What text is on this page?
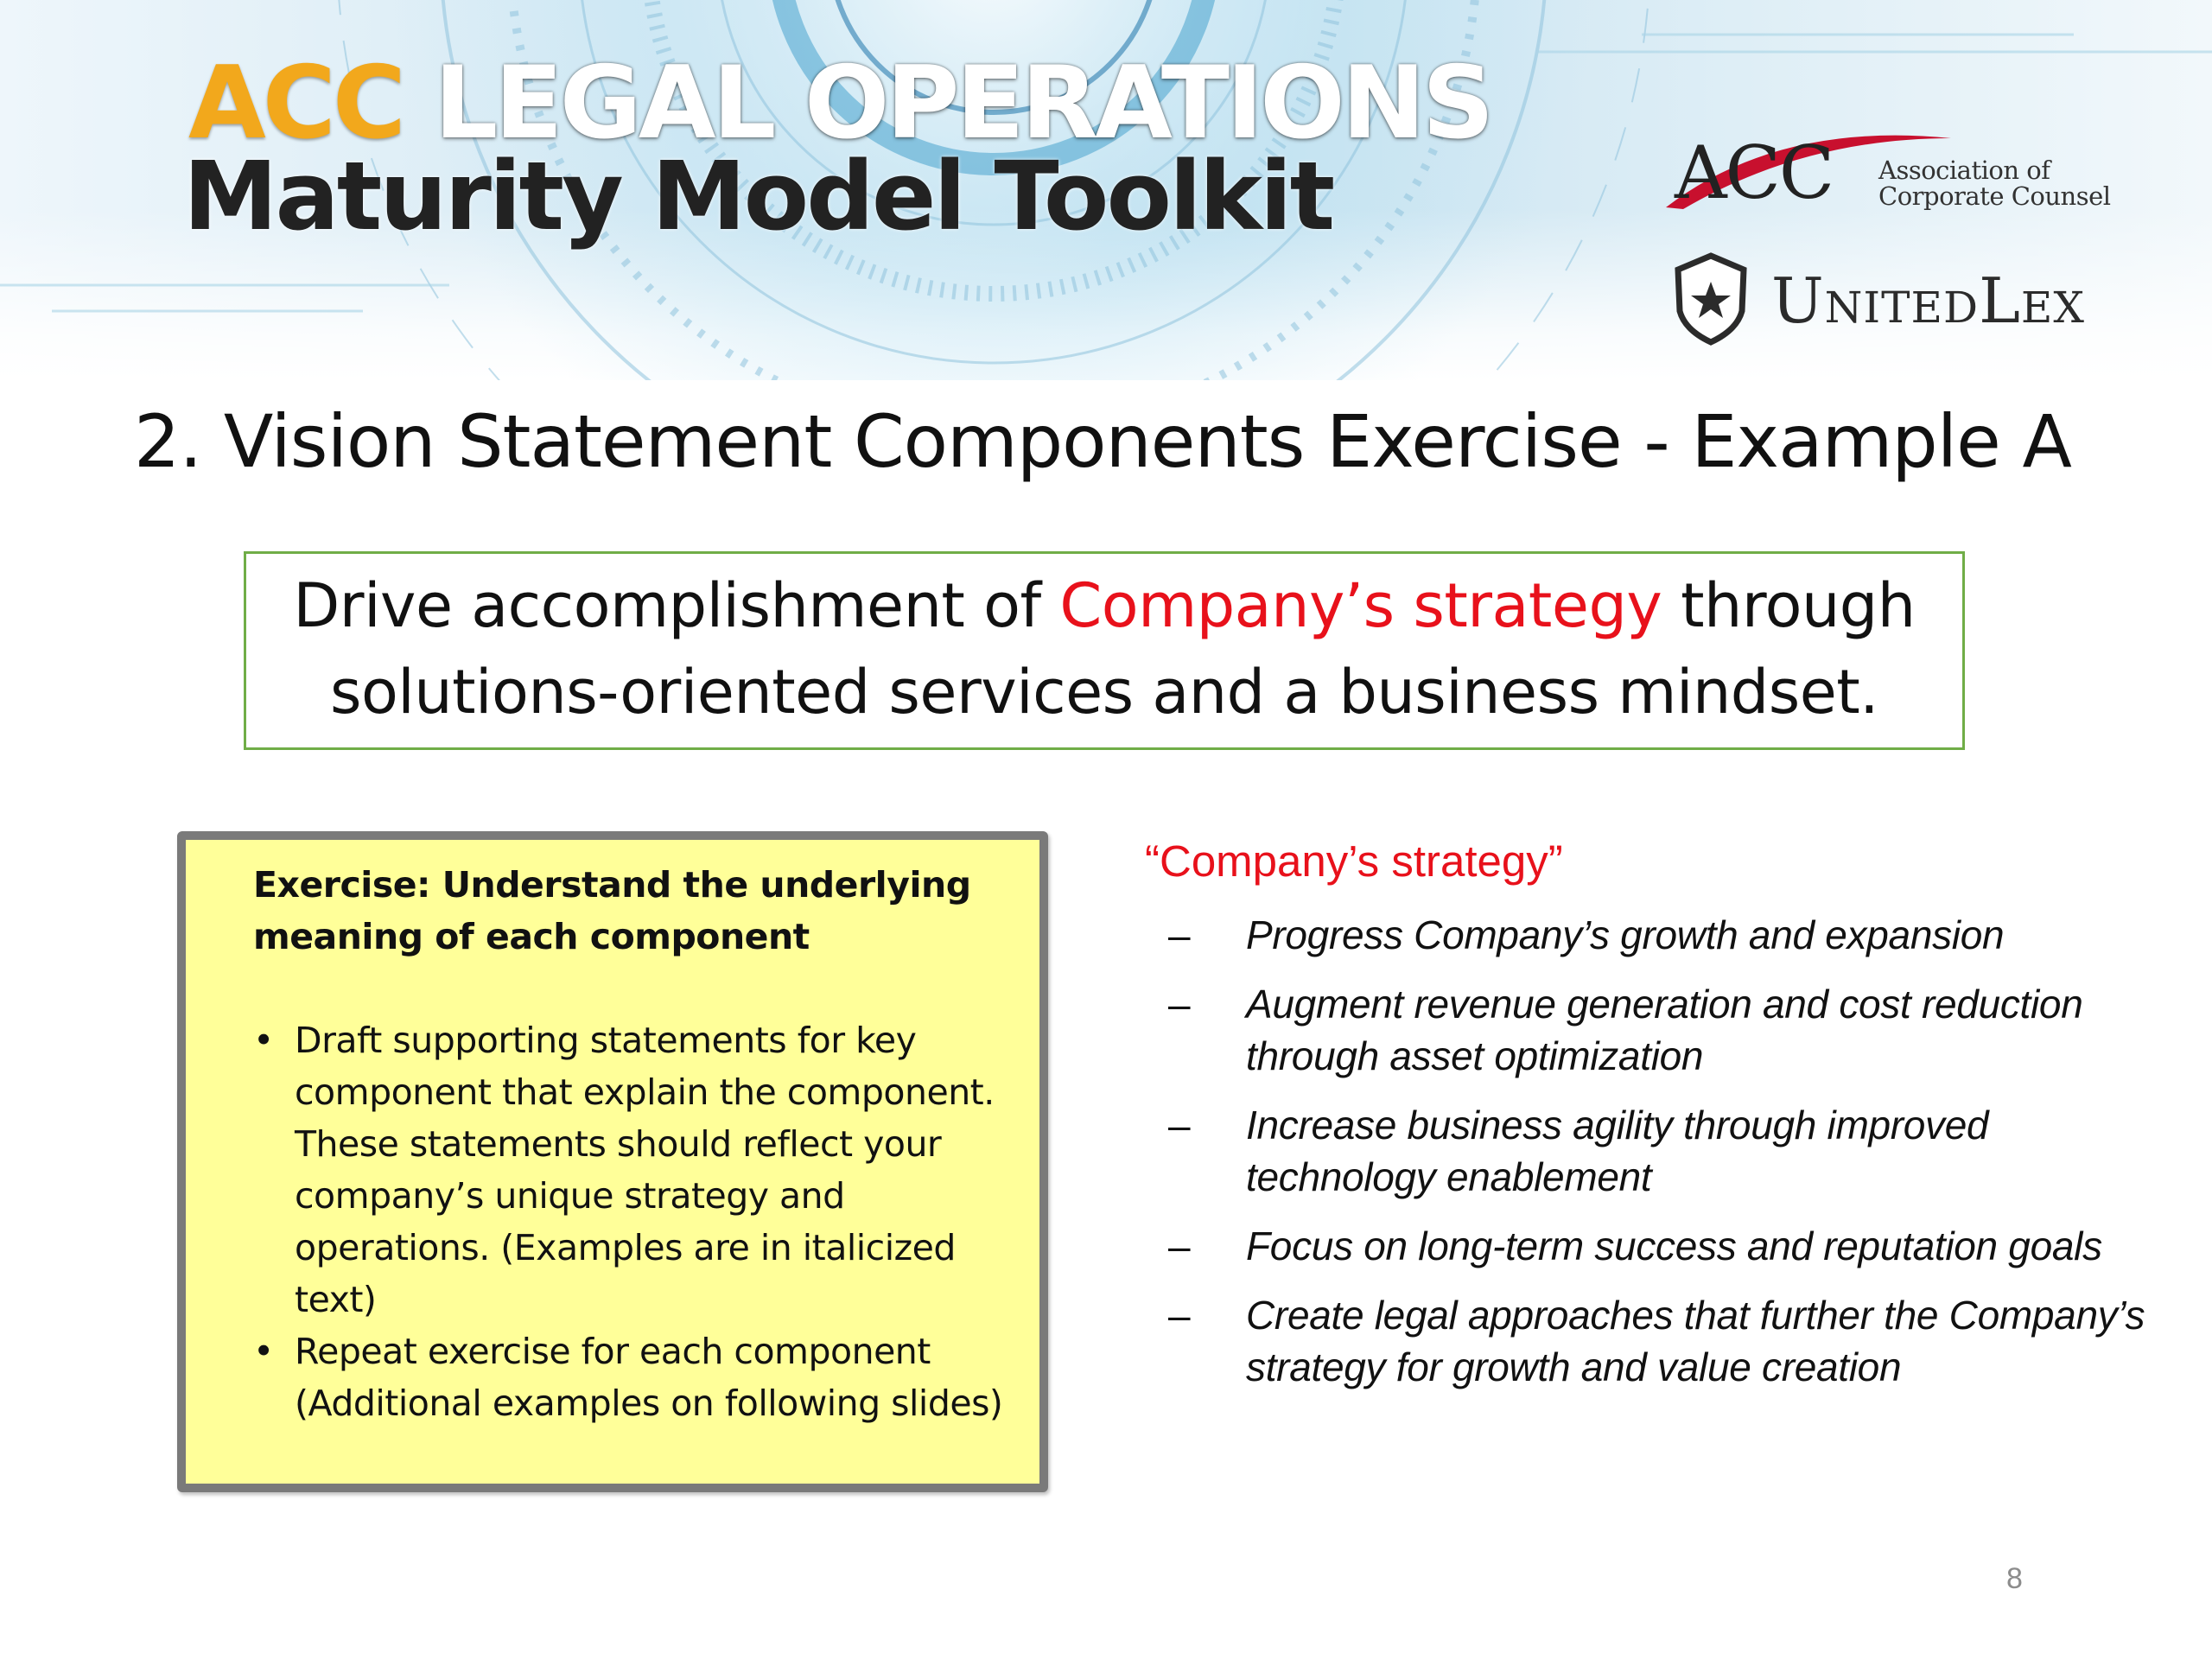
ACC LEGAL OPERATIONS
Maturity Model Toolkit	ACC Association of
Corporate Counsel
UnitedLex
2. Vision Statement Components Exercise - Example A
Drive accomplishment of Company’s strategy through solutions-oriented services and a business mindset.

Exercise: Understand the underlying meaning of each component

• Draft supporting statements for key component that explain the component. These statements should reflect your company’s unique strategy and operations. (Examples are in italicized text)
• Repeat exercise for each component (Additional examples on following slides)
“Company’s strategy”
– Progress Company’s growth and expansion
– Augment revenue generation and cost reduction through asset optimization
– Increase business agility through improved technology enablement
– Focus on long-term success and reputation goals
– Create legal approaches that further the Company’s strategy for growth and value creation
8
